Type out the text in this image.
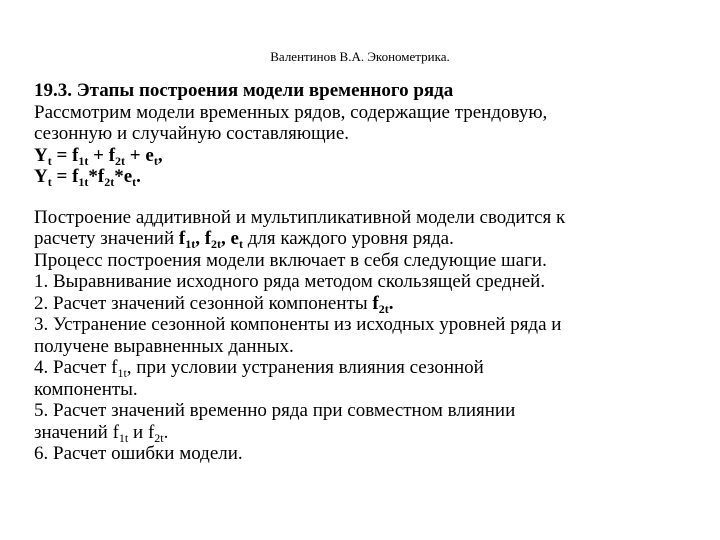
Валентинов В.А. Эконометрика.
19.3. Этапы построения модели временного ряда
Рассмотрим модели временных рядов, содержащие трендовую,
сезонную и случайную составляющие.
$Y_t = f_{1t} + f_{2t} + e_t$,
$Y_t = f_{1t}*f_{2t}*e_t$.
Построение аддитивной и мультипликативной модели сводится к
расчету значений $f_{1t}$, $f_{2t}$, $e_t$ для каждого уровня ряда.
Процесс построения модели включает в себя следующие шаги.
1. Выравнивание исходного ряда методом скользящей средней.
2. Расчет значений сезонной компоненты $f_{2t}$.
3. Устранение сезонной компоненты из исходных уровней ряда и
получене выравненных данных.
4. Расчет $f_{1t}$, при условии устранения влияния сезонной
компоненты.
5. Расчет значений временно ряда при совместном влиянии
значений $f_{1t}$ и $f_{2t}$.
6. Расчет ошибки модели.
